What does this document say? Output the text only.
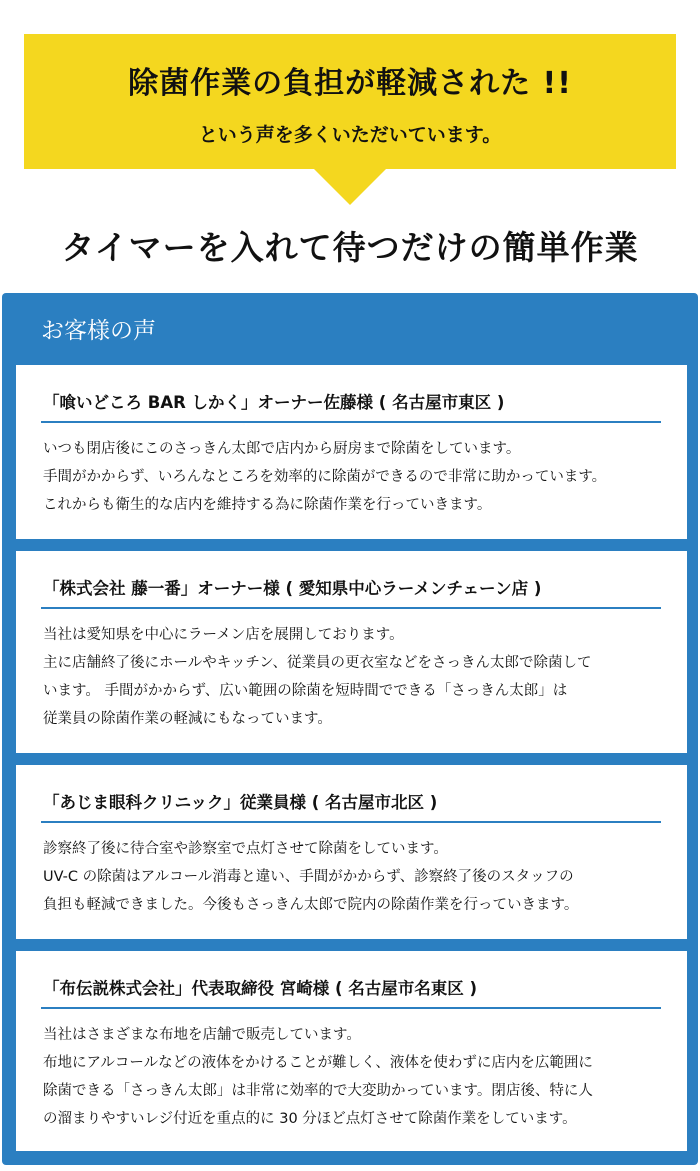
除菌作業の負担が軽減された !!
という声を多くいただいています。
タイマーを入れて待つだけの簡単作業
お客様の声
「喰いどころ BAR しかく」オーナー佐藤様 ( 名古屋市東区 )

いつも閉店後にこのさっきん太郎で店内から厨房まで除菌をしています。

手間がかからず、いろんなところを効率的に除菌ができるので非常に助かっています。

これからも衛生的な店内を維持する為に除菌作業を行っていきます。

「株式会社 藤一番」オーナー様 ( 愛知県中心ラーメンチェーン店 )

当社は愛知県を中心にラーメン店を展開しております。

主に店舗終了後にホールやキッチン、従業員の更衣室などをさっきん太郎で除菌して

います。 手間がかからず、広い範囲の除菌を短時間でできる「さっきん太郎」は

従業員の除菌作業の軽減にもなっています。

「あじま眼科クリニック」従業員様 ( 名古屋市北区 )

診察終了後に待合室や診察室で点灯させて除菌をしています。

UV-C の除菌はアルコール消毒と違い、手間がかからず、診察終了後のスタッフの

負担も軽減できました。今後もさっきん太郎で院内の除菌作業を行っていきます。

「布伝説株式会社」代表取締役 宮崎様 ( 名古屋市名東区 )

当社はさまざまな布地を店舗で販売しています。

布地にアルコールなどの液体をかけることが難しく、液体を使わずに店内を広範囲に

除菌できる「さっきん太郎」は非常に効率的で大変助かっています。閉店後、特に人

の溜まりやすいレジ付近を重点的に 30 分ほど点灯させて除菌作業をしています。
